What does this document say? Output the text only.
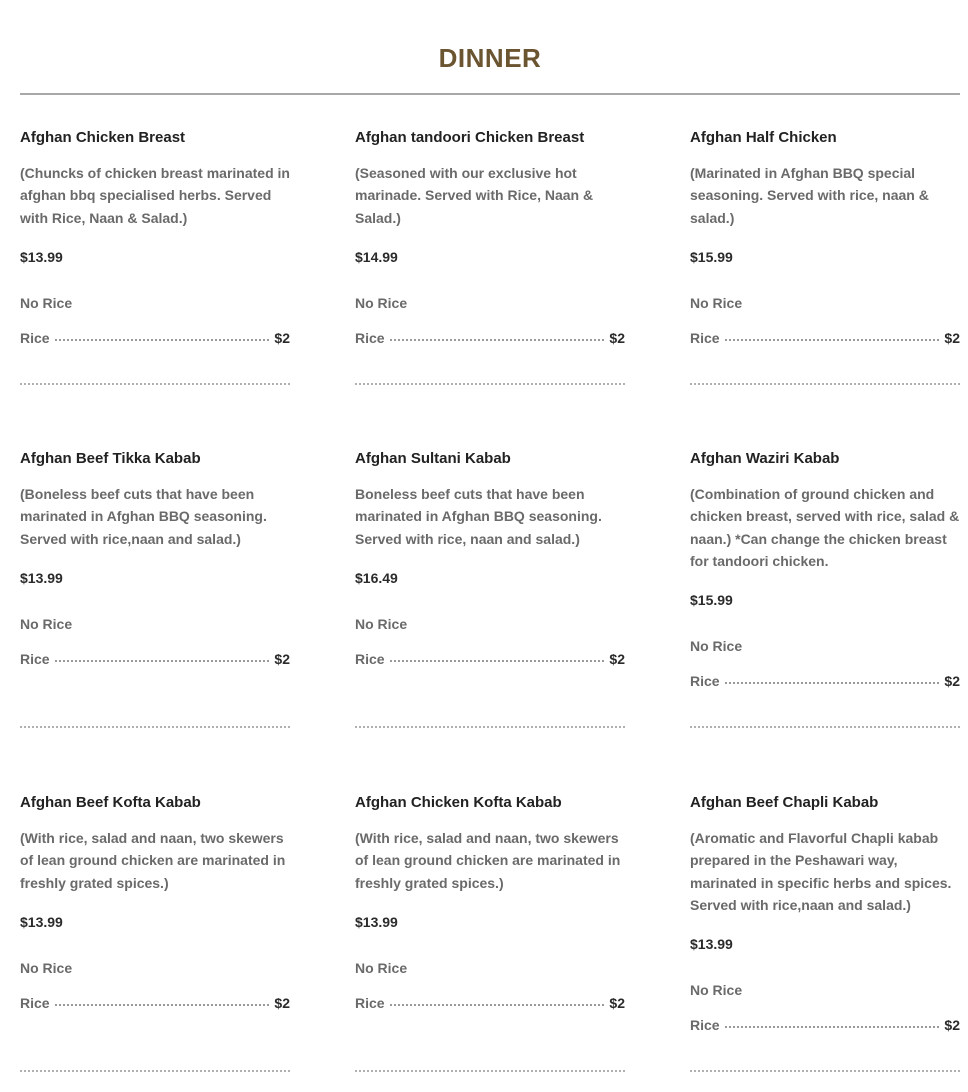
DINNER
Afghan Chicken Breast
(Chuncks of chicken breast marinated in afghan bbq specialised herbs. Served with Rice, Naan & Salad.)
$13.99
No Rice
Rice	$2
Afghan tandoori Chicken Breast
(Seasoned with our exclusive hot marinade. Served with Rice, Naan & Salad.)
$14.99
No Rice
Rice	$2
Afghan Half Chicken
(Marinated in Afghan BBQ special seasoning. Served with rice, naan & salad.)
$15.99
No Rice
Rice	$2
Afghan Beef Tikka Kabab
(Boneless beef cuts that have been marinated in Afghan BBQ seasoning. Served with rice,naan and salad.)
$13.99
No Rice
Rice	$2
Afghan Sultani Kabab
Boneless beef cuts that have been marinated in Afghan BBQ seasoning. Served with rice, naan and salad.)
$16.49
No Rice
Rice	$2
Afghan Waziri Kabab
(Combination of ground chicken and chicken breast, served with rice, salad & naan.) *Can change the chicken breast for tandoori chicken.
$15.99
No Rice
Rice	$2
Afghan Beef Kofta Kabab
(With rice, salad and naan, two skewers of lean ground chicken are marinated in freshly grated spices.)
$13.99
No Rice
Rice	$2
Afghan Chicken Kofta Kabab
(With rice, salad and naan, two skewers of lean ground chicken are marinated in freshly grated spices.)
$13.99
No Rice
Rice	$2
Afghan Beef Chapli Kabab
(Aromatic and Flavorful Chapli kabab prepared in the Peshawari way, marinated in specific herbs and spices. Served with rice,naan and salad.)
$13.99
No Rice
Rice	$2
